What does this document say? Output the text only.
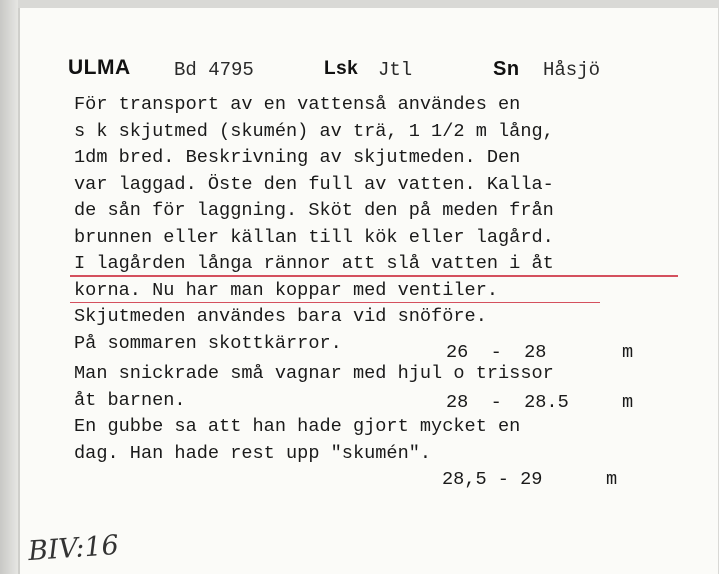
ULMA Bd 4795	Lsk Jtl	Sn Håsjö
För transport av en vattenså användes en
s k skjutmed (skumén) av trä, 1 1/2 m lång,
1dm bred. Beskrivning av skjutmeden. Den
var laggad. Öste den full av vatten. Kalla-
de sån för laggning. Sköt den på meden från
brunnen eller källan till kök eller lagård.
I lagården långa rännor att slå vatten i åt
korna. Nu har man koppar med ventiler.
Skjutmeden användes bara vid snöföre.
På sommaren skottkärror.	26  -  28	m
Man snickrade små vagnar med hjul o trissor
åt barnen.	28  -  28.5	m
En gubbe sa att han hade gjort mycket en
dag. Han hade rest upp "skumén".
28,5 - 29	m
BIV:16
